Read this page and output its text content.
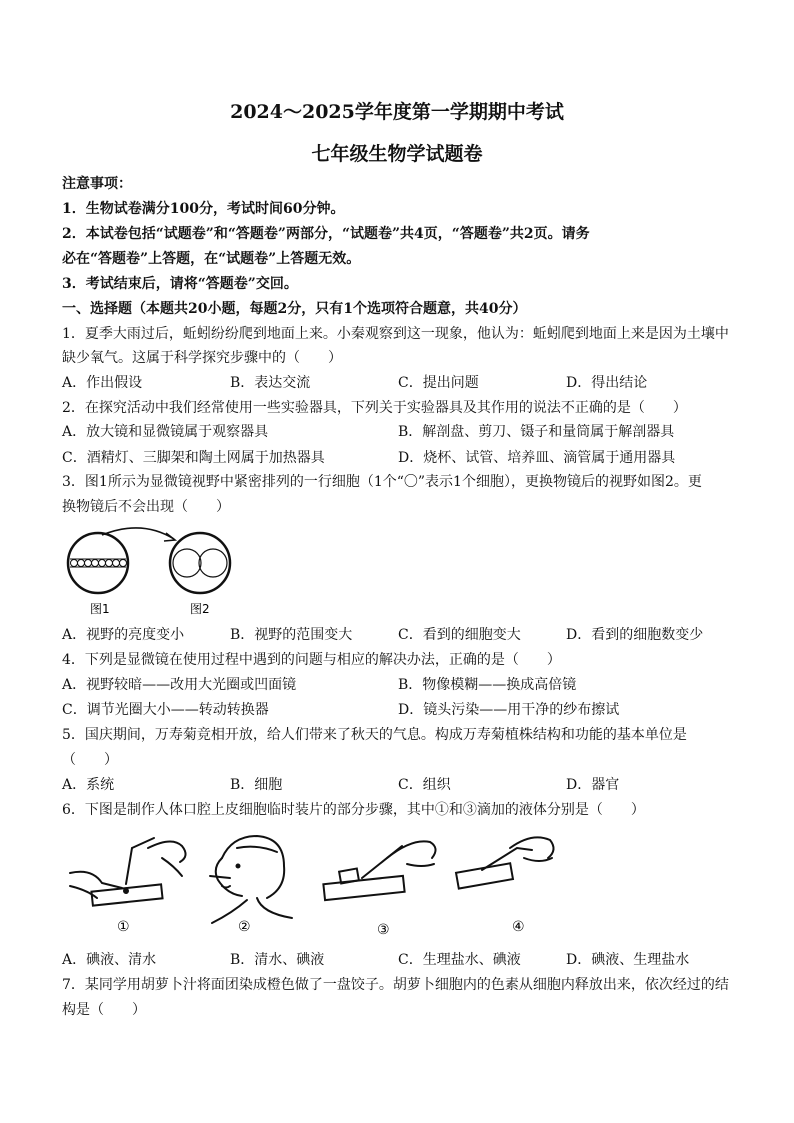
2024～2025学年度第一学期期中考试
七年级生物学试题卷
注意事项：
1．生物试卷满分100分，考试时间60分钟。
2．本试卷包括“试题卷”和“答题卷”两部分，“试题卷”共4页，“答题卷”共2页。请务
必在“答题卷”上答题，在“试题卷”上答题无效。
3．考试结束后，请将“答题卷”交回。
一、选择题（本题共20小题，每题2分，只有1个选项符合题意，共40分）
1．夏季大雨过后，蚯蚓纷纷爬到地面上来。小秦观察到这一现象，他认为：蚯蚓爬到地面上来是因为土壤中
缺少氧气。这属于科学探究步骤中的（　　）
A．作出假设	B．表达交流	C．提出问题	D．得出结论
2．在探究活动中我们经常使用一些实验器具，下列关于实验器具及其作用的说法不正确的是（　　）
A．放大镜和显微镜属于观察器具	B．解剖盘、剪刀、镊子和量筒属于解剖器具
C．酒精灯、三脚架和陶土网属于加热器具	D．烧杯、试管、培养皿、滴管属于通用器具
3．图1所示为显微镜视野中紧密排列的一行细胞（1个“〇”表示1个细胞），更换物镜后的视野如图2。更
换物镜后不会出现（　　）
图1	图2
A．视野的亮度变小	B．视野的范围变大	C．看到的细胞变大	D．看到的细胞数变少
4．下列是显微镜在使用过程中遇到的问题与相应的解决办法，正确的是（　　）
A．视野较暗——改用大光圈或凹面镜	B．物像模糊——换成高倍镜
C．调节光圈大小——转动转换器	D．镜头污染——用干净的纱布擦试
5．国庆期间，万寿菊竞相开放，给人们带来了秋天的气息。构成万寿菊植株结构和功能的基本单位是
（　　）
A．系统	B．细胞	C．组织	D．器官
6．下图是制作人体口腔上皮细胞临时装片的部分步骤，其中①和③滴加的液体分别是（　　）
①	②	③	④
A．碘液、清水	B．清水、碘液	C．生理盐水、碘液	D．碘液、生理盐水
7．某同学用胡萝卜汁将面团染成橙色做了一盘饺子。胡萝卜细胞内的色素从细胞内释放出来，依次经过的结
构是（　　）
